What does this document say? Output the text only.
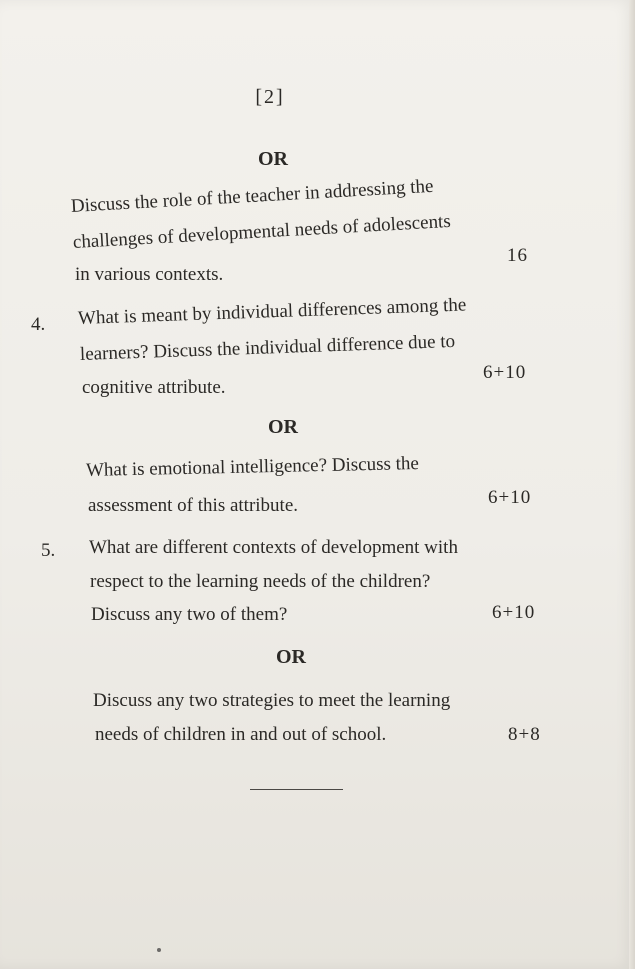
[2]
OR
Discuss the role of the teacher in addressing the
challenges of developmental needs of adolescents
in various contexts.
16
4. What is meant by individual differences among the
learners? Discuss the individual difference due to
cognitive attribute.
6+10
OR
What is emotional intelligence? Discuss the
assessment of this attribute.	6+10
5. What are different contexts of development with
respect to the learning needs of the children?
Discuss any two of them?	6+10
OR
Discuss any two strategies to meet the learning
needs of children in and out of school.	8+8
